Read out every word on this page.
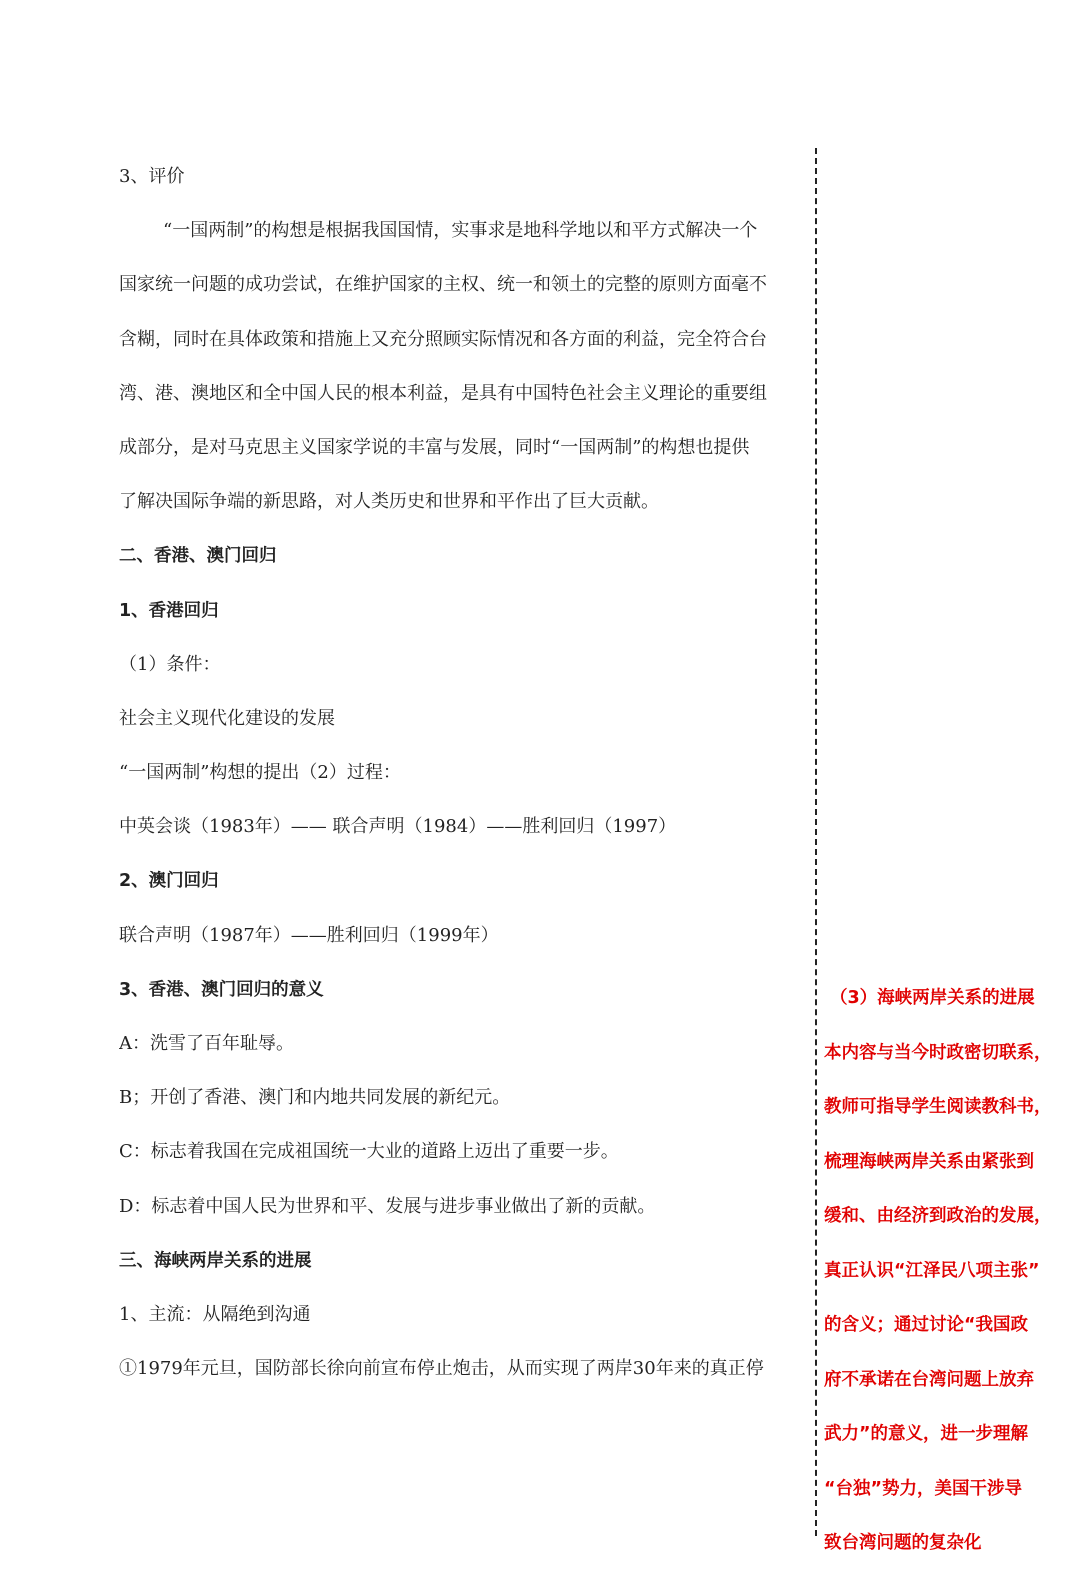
3、评价
“一国两制”的构想是根据我国国情，实事求是地科学地以和平方式解决一个
国家统一问题的成功尝试，在维护国家的主权、统一和领土的完整的原则方面毫不
含糊，同时在具体政策和措施上又充分照顾实际情况和各方面的利益，完全符合台
湾、港、澳地区和全中国人民的根本利益，是具有中国特色社会主义理论的重要组
成部分，是对马克思主义国家学说的丰富与发展，同时“一国两制”的构想也提供
了解决国际争端的新思路，对人类历史和世界和平作出了巨大贡献。
二、香港、澳门回归
1、香港回归
（1）条件：
社会主义现代化建设的发展
“一国两制”构想的提出（2）过程：
中英会谈（1983年）—— 联合声明（1984）——胜利回归（1997）
2、澳门回归
联合声明（1987年）——胜利回归（1999年）
3、香港、澳门回归的意义
A：洗雪了百年耻辱。
B；开创了香港、澳门和内地共同发展的新纪元。
C：标志着我国在完成祖国统一大业的道路上迈出了重要一步。
D：标志着中国人民为世界和平、发展与进步事业做出了新的贡献。
三、海峡两岸关系的进展
1、主流：从隔绝到沟通
①1979年元旦，国防部长徐向前宣布停止炮击，从而实现了两岸30年来的真正停
（3）海峡两岸关系的进展
本内容与当今时政密切联系，
教师可指导学生阅读教科书，
梳理海峡两岸关系由紧张到
缓和、由经济到政治的发展，
真正认识“江泽民八项主张”
的含义；通过讨论“我国政
府不承诺在台湾问题上放弃
武力”的意义，进一步理解
“台独”势力，美国干涉导
致台湾问题的复杂化
